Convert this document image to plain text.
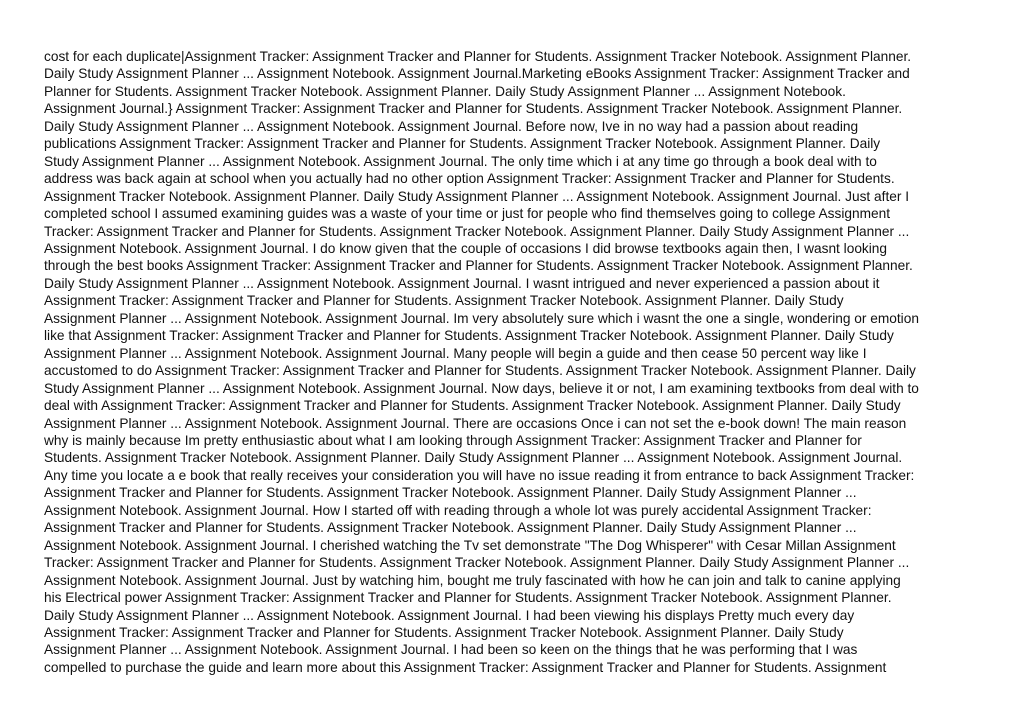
cost for each duplicate|Assignment Tracker: Assignment Tracker and Planner for Students. Assignment Tracker Notebook. Assignment Planner.
Daily Study Assignment Planner ... Assignment Notebook. Assignment Journal.Marketing eBooks Assignment Tracker: Assignment Tracker and
Planner for Students. Assignment Tracker Notebook. Assignment Planner. Daily Study Assignment Planner ... Assignment Notebook.
Assignment Journal.} Assignment Tracker: Assignment Tracker and Planner for Students. Assignment Tracker Notebook. Assignment Planner.
Daily Study Assignment Planner ... Assignment Notebook. Assignment Journal. Before now, Ive in no way had a passion about reading
publications Assignment Tracker: Assignment Tracker and Planner for Students. Assignment Tracker Notebook. Assignment Planner. Daily
Study Assignment Planner ... Assignment Notebook. Assignment Journal. The only time which i at any time go through a book deal with to
address was back again at school when you actually had no other option Assignment Tracker: Assignment Tracker and Planner for Students.
Assignment Tracker Notebook. Assignment Planner. Daily Study Assignment Planner ... Assignment Notebook. Assignment Journal. Just after I
completed school I assumed examining guides was a waste of your time or just for people who find themselves going to college Assignment
Tracker: Assignment Tracker and Planner for Students. Assignment Tracker Notebook. Assignment Planner. Daily Study Assignment Planner ...
Assignment Notebook. Assignment Journal. I do know given that the couple of occasions I did browse textbooks again then, I wasnt looking
through the best books Assignment Tracker: Assignment Tracker and Planner for Students. Assignment Tracker Notebook. Assignment Planner.
Daily Study Assignment Planner ... Assignment Notebook. Assignment Journal. I wasnt intrigued and never experienced a passion about it
Assignment Tracker: Assignment Tracker and Planner for Students. Assignment Tracker Notebook. Assignment Planner. Daily Study
Assignment Planner ... Assignment Notebook. Assignment Journal. Im very absolutely sure which i wasnt the one a single, wondering or emotion
like that Assignment Tracker: Assignment Tracker and Planner for Students. Assignment Tracker Notebook. Assignment Planner. Daily Study
Assignment Planner ... Assignment Notebook. Assignment Journal. Many people will begin a guide and then cease 50 percent way like I
accustomed to do Assignment Tracker: Assignment Tracker and Planner for Students. Assignment Tracker Notebook. Assignment Planner. Daily
Study Assignment Planner ... Assignment Notebook. Assignment Journal. Now days, believe it or not, I am examining textbooks from deal with to
deal with Assignment Tracker: Assignment Tracker and Planner for Students. Assignment Tracker Notebook. Assignment Planner. Daily Study
Assignment Planner ... Assignment Notebook. Assignment Journal. There are occasions Once i can not set the e-book down! The main reason
why is mainly because Im pretty enthusiastic about what I am looking through Assignment Tracker: Assignment Tracker and Planner for
Students. Assignment Tracker Notebook. Assignment Planner. Daily Study Assignment Planner ... Assignment Notebook. Assignment Journal.
Any time you locate a e book that really receives your consideration you will have no issue reading it from entrance to back Assignment Tracker:
Assignment Tracker and Planner for Students. Assignment Tracker Notebook. Assignment Planner. Daily Study Assignment Planner ...
Assignment Notebook. Assignment Journal. How I started off with reading through a whole lot was purely accidental Assignment Tracker:
Assignment Tracker and Planner for Students. Assignment Tracker Notebook. Assignment Planner. Daily Study Assignment Planner ...
Assignment Notebook. Assignment Journal. I cherished watching the Tv set demonstrate "The Dog Whisperer" with Cesar Millan Assignment
Tracker: Assignment Tracker and Planner for Students. Assignment Tracker Notebook. Assignment Planner. Daily Study Assignment Planner ...
Assignment Notebook. Assignment Journal. Just by watching him, bought me truly fascinated with how he can join and talk to canine applying
his Electrical power Assignment Tracker: Assignment Tracker and Planner for Students. Assignment Tracker Notebook. Assignment Planner.
Daily Study Assignment Planner ... Assignment Notebook. Assignment Journal. I had been viewing his displays Pretty much every day
Assignment Tracker: Assignment Tracker and Planner for Students. Assignment Tracker Notebook. Assignment Planner. Daily Study
Assignment Planner ... Assignment Notebook. Assignment Journal. I had been so keen on the things that he was performing that I was
compelled to purchase the guide and learn more about this Assignment Tracker: Assignment Tracker and Planner for Students. Assignment
